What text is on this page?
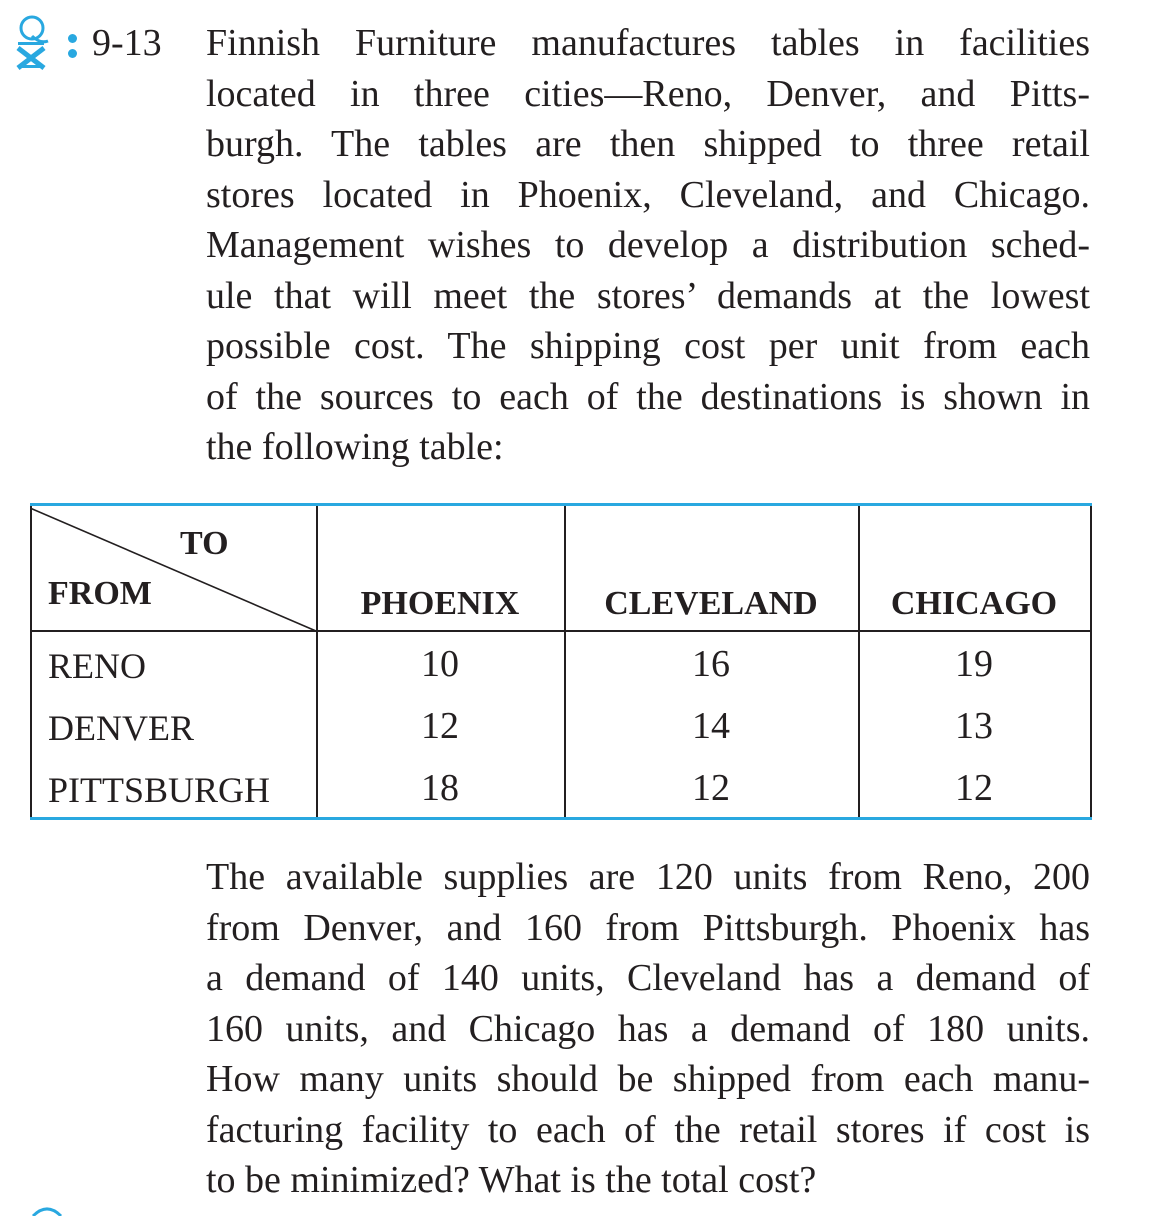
9-13 Finnish Furniture manufactures tables in facilities
located in three cities—Reno, Denver, and Pitts-
burgh. The tables are then shipped to three retail
stores located in Phoenix, Cleveland, and Chicago.
Management wishes to develop a distribution sched-
ule that will meet the stores’ demands at the lowest
possible cost. The shipping cost per unit from each
of the sources to each of the destinations is shown in
the following table:

TO
FROM	PHOENIX	CLEVELAND	CHICAGO
RENO	10	16	19
DENVER	12	14	13
PITTSBURGH	18	12	12

The available supplies are 120 units from Reno, 200
from Denver, and 160 from Pittsburgh. Phoenix has
a demand of 140 units, Cleveland has a demand of
160 units, and Chicago has a demand of 180 units.
How many units should be shipped from each manu-
facturing facility to each of the retail stores if cost is
to be minimized? What is the total cost?
